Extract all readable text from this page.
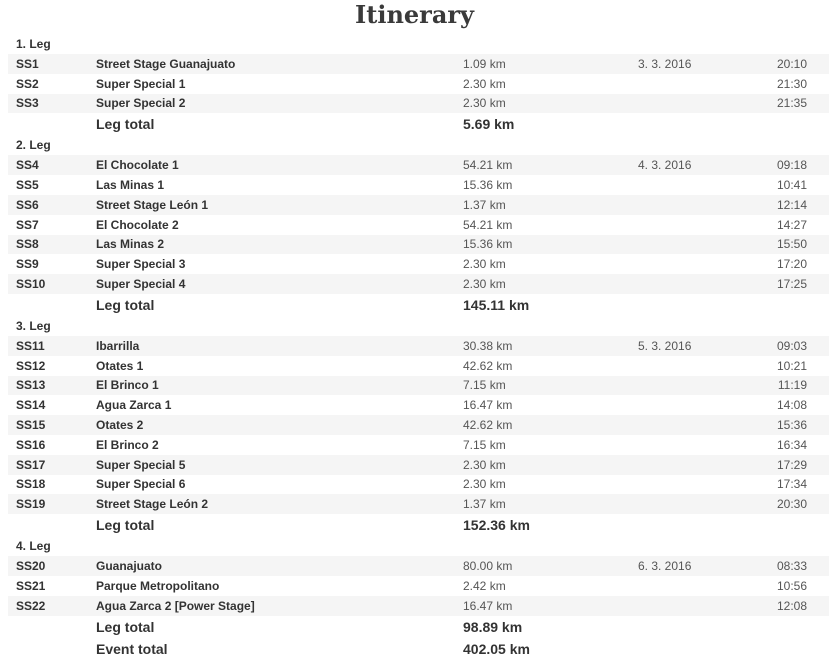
Itinerary
1. Leg				
SS1	Street Stage Guanajuato	1.09 km	3. 3. 2016	20:10
SS2	Super Special 1	2.30 km		21:30
SS3	Super Special 2	2.30 km		21:35
	Leg total	5.69 km		
2. Leg				
SS4	El Chocolate 1	54.21 km	4. 3. 2016	09:18
SS5	Las Minas 1	15.36 km		10:41
SS6	Street Stage León 1	1.37 km		12:14
SS7	El Chocolate 2	54.21 km		14:27
SS8	Las Minas 2	15.36 km		15:50
SS9	Super Special 3	2.30 km		17:20
SS10	Super Special 4	2.30 km		17:25
	Leg total	145.11 km		
3. Leg				
SS11	Ibarrilla	30.38 km	5. 3. 2016	09:03
SS12	Otates 1	42.62 km		10:21
SS13	El Brinco 1	7.15 km		11:19
SS14	Agua Zarca 1	16.47 km		14:08
SS15	Otates 2	42.62 km		15:36
SS16	El Brinco 2	7.15 km		16:34
SS17	Super Special 5	2.30 km		17:29
SS18	Super Special 6	2.30 km		17:34
SS19	Street Stage León 2	1.37 km		20:30
	Leg total	152.36 km		
4. Leg				
SS20	Guanajuato	80.00 km	6. 3. 2016	08:33
SS21	Parque Metropolitano	2.42 km		10:56
SS22	Agua Zarca 2 [Power Stage]	16.47 km		12:08
	Leg total	98.89 km		
	Event total	402.05 km		
